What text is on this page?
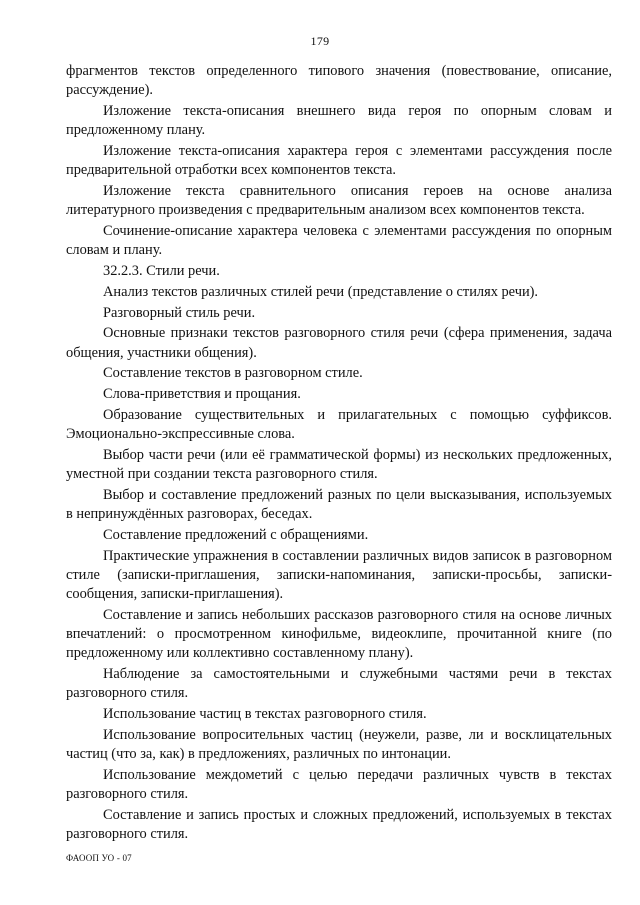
179

фрагментов текстов определенного типового значения (повествование, описание, рассуждение).

Изложение текста-описания внешнего вида героя по опорным словам и предложенному плану.

Изложение текста-описания характера героя с элементами рассуждения после предварительной отработки всех компонентов текста.

Изложение текста сравнительного описания героев на основе анализа литературного произведения с предварительным анализом всех компонентов текста.

Сочинение-описание характера человека с элементами рассуждения по опорным словам и плану.

32.2.3. Стили речи.

Анализ текстов различных стилей речи (представление о стилях речи).

Разговорный стиль речи.

Основные признаки текстов разговорного стиля речи (сфера применения, задача общения, участники общения).

Составление текстов в разговорном стиле.

Слова-приветствия и прощания.

Образование существительных и прилагательных с помощью суффиксов. Эмоционально-экспрессивные слова.

Выбор части речи (или её грамматической формы) из нескольких предложенных, уместной при создании текста разговорного стиля.

Выбор и составление предложений разных по цели высказывания, используемых в непринуждённых разговорах, беседах.

Составление предложений с обращениями.

Практические упражнения в составлении различных видов записок в разговорном стиле (записки-приглашения, записки-напоминания, записки-просьбы, записки-сообщения, записки-приглашения).

Составление и запись небольших рассказов разговорного стиля на основе личных впечатлений: о просмотренном кинофильме, видеоклипе, прочитанной книге (по предложенному или коллективно составленному плану).

Наблюдение за самостоятельными и служебными частями речи в текстах разговорного стиля.

Использование частиц в текстах разговорного стиля.

Использование вопросительных частиц (неужели, разве, ли и восклицательных частиц (что за, как) в предложениях, различных по интонации.

Использование междометий с целью передачи различных чувств в текстах разговорного стиля.

Составление и запись простых и сложных предложений, используемых в текстах разговорного стиля.

ФАООП УО - 07
